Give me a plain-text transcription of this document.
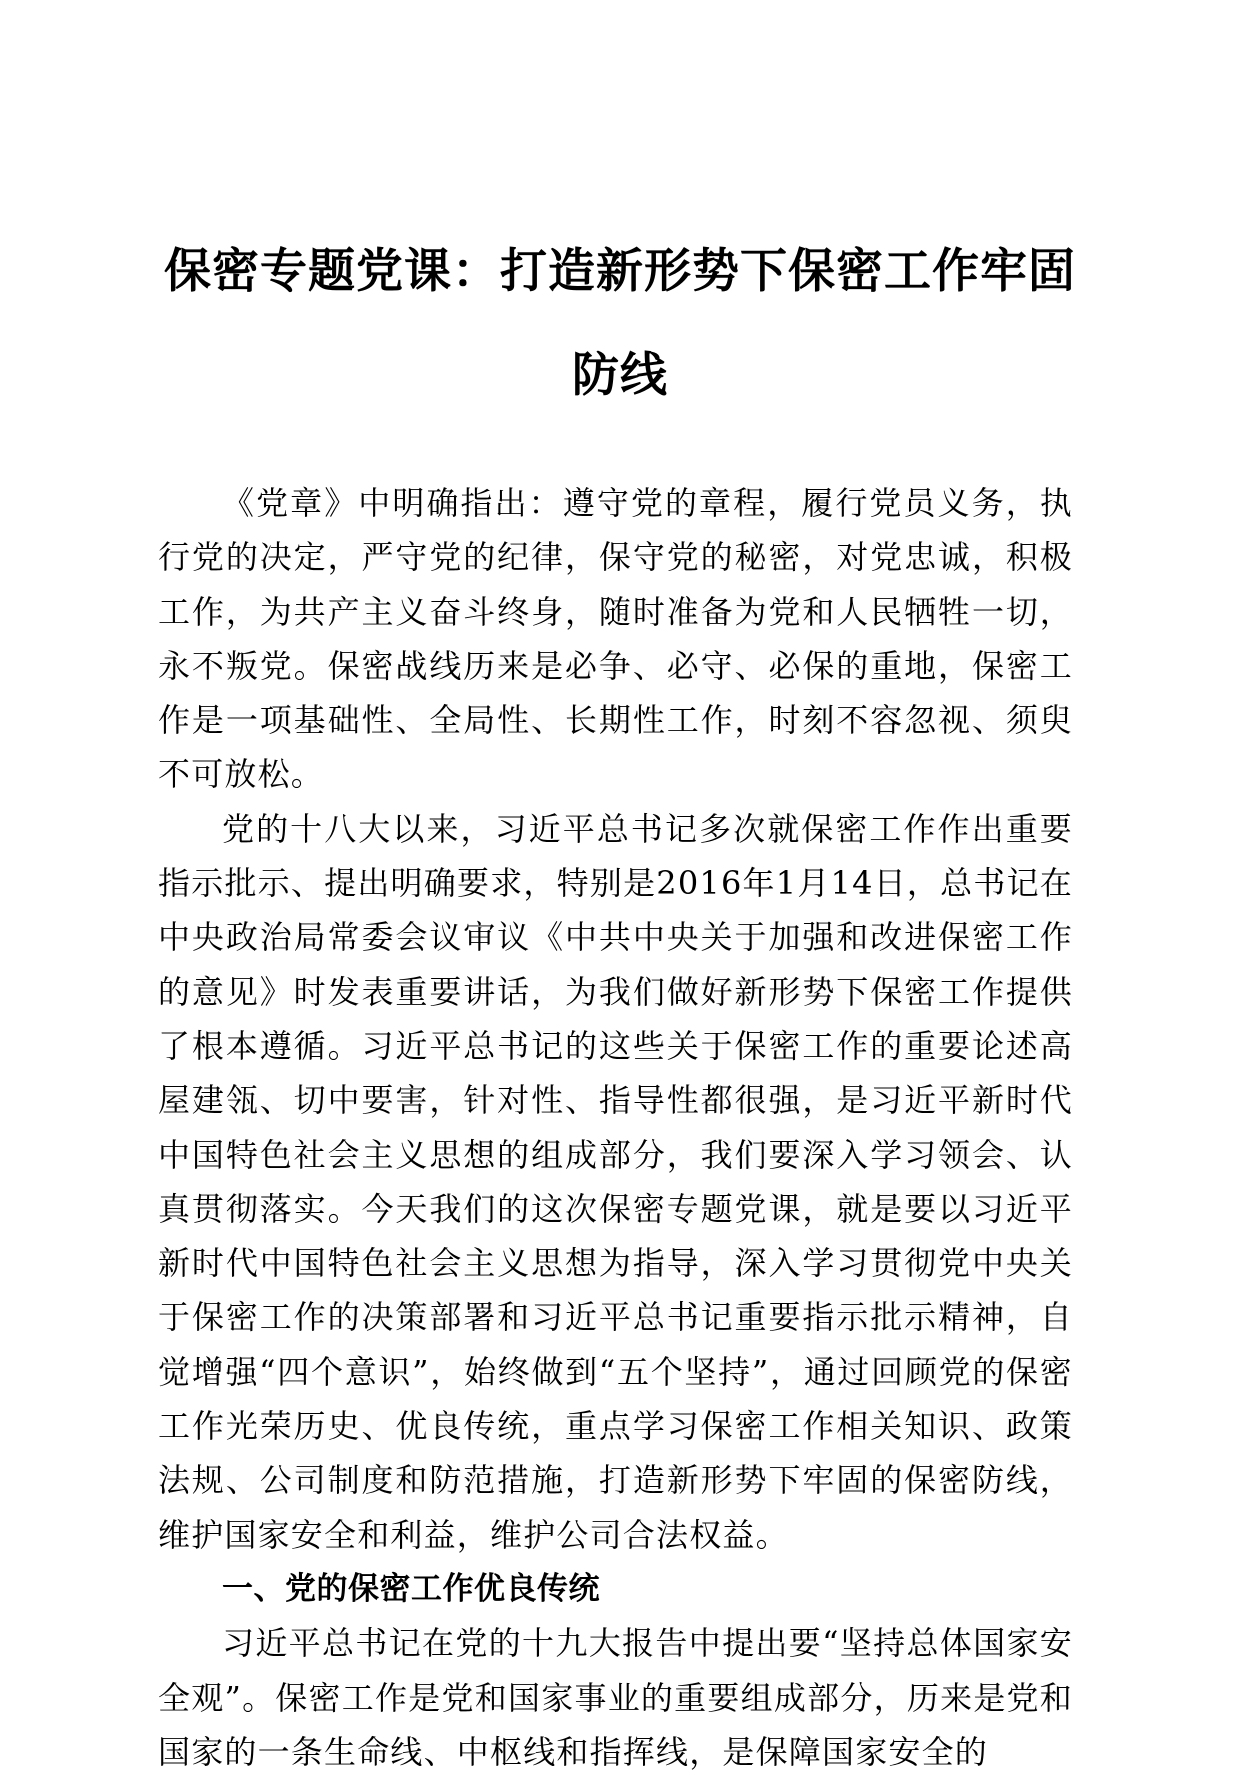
保密专题党课：打造新形势下保密工作牢固防线

《党章》中明确指出：遵守党的章程，履行党员义务，执行党的决定，严守党的纪律，保守党的秘密，对党忠诚，积极工作，为共产主义奋斗终身，随时准备为党和人民牺牲一切，永不叛党。保密战线历来是必争、必守、必保的重地，保密工作是一项基础性、全局性、长期性工作，时刻不容忽视、须臾不可放松。

党的十八大以来，习近平总书记多次就保密工作作出重要指示批示、提出明确要求，特别是2016年1月14日，总书记在中央政治局常委会议审议《中共中央关于加强和改进保密工作的意见》时发表重要讲话，为我们做好新形势下保密工作提供了根本遵循。习近平总书记的这些关于保密工作的重要论述高屋建瓴、切中要害，针对性、指导性都很强，是习近平新时代中国特色社会主义思想的组成部分，我们要深入学习领会、认真贯彻落实。今天我们的这次保密专题党课，就是要以习近平新时代中国特色社会主义思想为指导，深入学习贯彻党中央关于保密工作的决策部署和习近平总书记重要指示批示精神，自觉增强“四个意识”，始终做到“五个坚持”，通过回顾党的保密工作光荣历史、优良传统，重点学习保密工作相关知识、政策法规、公司制度和防范措施，打造新形势下牢固的保密防线，维护国家安全和利益，维护公司合法权益。

一、党的保密工作优良传统

习近平总书记在党的十九大报告中提出要“坚持总体国家安全观”。保密工作是党和国家事业的重要组成部分，历来是党和国家的一条生命线、中枢线和指挥线，是保障国家安全的
